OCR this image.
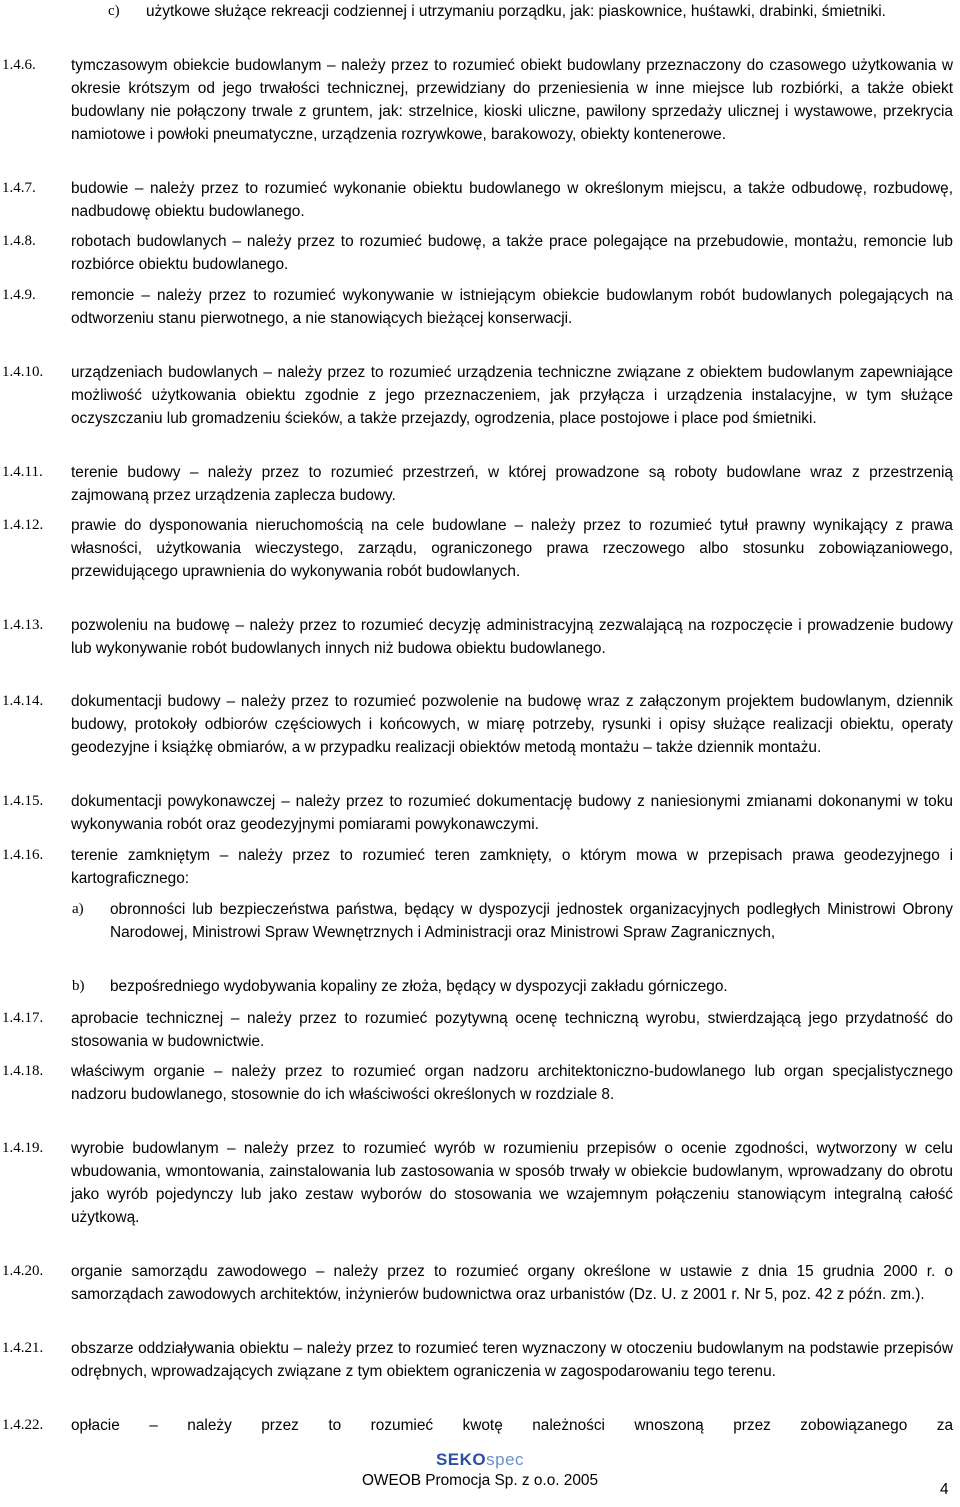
c) użytkowe służące rekreacji codziennej i utrzymaniu porządku, jak: piaskownice, huśtawki, drabinki, śmietniki.
1.4.6. tymczasowym obiekcie budowlanym – należy przez to rozumieć obiekt budowlany przeznaczony do czasowego użytkowania w okresie krótszym od jego trwałości technicznej, przewidziany do przeniesienia w inne miejsce lub rozbiórki, a także obiekt budowlany nie połączony trwale z gruntem, jak: strzelnice, kioski uliczne, pawilony sprzedaży ulicznej i wystawowe, przekrycia namiotowe i powłoki pneumatyczne, urządzenia rozrywkowe, barakowozy, obiekty kontenerowe.
1.4.7. budowie – należy przez to rozumieć wykonanie obiektu budowlanego w określonym miejscu, a także odbudowę, rozbudowę, nadbudowę obiektu budowlanego.
1.4.8. robotach budowlanych – należy przez to rozumieć budowę, a także prace polegające na przebudowie, montażu, remoncie lub rozbiórce obiektu budowlanego.
1.4.9. remoncie – należy przez to rozumieć wykonywanie w istniejącym obiekcie budowlanym robót budowlanych polegających na odtworzeniu stanu pierwotnego, a nie stanowiących bieżącej konserwacji.
1.4.10. urządzeniach budowlanych – należy przez to rozumieć urządzenia techniczne związane z obiektem budowlanym zapewniające możliwość użytkowania obiektu zgodnie z jego przeznaczeniem, jak przyłącza i urządzenia instalacyjne, w tym służące oczyszczaniu lub gromadzeniu ścieków, a także przejazdy, ogrodzenia, place postojowe i place pod śmietniki.
1.4.11. terenie budowy – należy przez to rozumieć przestrzeń, w której prowadzone są roboty budowlane wraz z przestrzenią zajmowaną przez urządzenia zaplecza budowy.
1.4.12. prawie do dysponowania nieruchomością na cele budowlane – należy przez to rozumieć tytuł prawny wynikający z prawa własności, użytkowania wieczystego, zarządu, ograniczonego prawa rzeczowego albo stosunku zobowiązaniowego, przewidującego uprawnienia do wykonywania robót budowlanych.
1.4.13. pozwoleniu na budowę – należy przez to rozumieć decyzję administracyjną zezwalającą na rozpoczęcie i prowadzenie budowy lub wykonywanie robót budowlanych innych niż budowa obiektu budowlanego.
1.4.14. dokumentacji budowy – należy przez to rozumieć pozwolenie na budowę wraz z załączonym projektem budowlanym, dziennik budowy, protokoły odbiorów częściowych i końcowych, w miarę potrzeby, rysunki i opisy służące realizacji obiektu, operaty geodezyjne i książkę obmiarów, a w przypadku realizacji obiektów metodą montażu – także dziennik montażu.
1.4.15. dokumentacji powykonawczej – należy przez to rozumieć dokumentację budowy z naniesionymi zmianami dokonanymi w toku wykonywania robót oraz geodezyjnymi pomiarami powykonawczymi.
1.4.16. terenie zamkniętym – należy przez to rozumieć teren zamknięty, o którym mowa w przepisach prawa geodezyjnego i kartograficznego:
a) obronności lub bezpieczeństwa państwa, będący w dyspozycji jednostek organizacyjnych podległych Ministrowi Obrony Narodowej, Ministrowi Spraw Wewnętrznych i Administracji oraz Ministrowi Spraw Zagranicznych,
b) bezpośredniego wydobywania kopaliny ze złoża, będący w dyspozycji zakładu górniczego.
1.4.17. aprobacie technicznej – należy przez to rozumieć pozytywną ocenę techniczną wyrobu, stwierdzającą jego przydatność do stosowania w budownictwie.
1.4.18. właściwym organie – należy przez to rozumieć organ nadzoru architektoniczno-budowlanego lub organ specjalistycznego nadzoru budowlanego, stosownie do ich właściwości określonych w rozdziale 8.
1.4.19. wyrobie budowlanym – należy przez to rozumieć wyrób w rozumieniu przepisów o ocenie zgodności, wytworzony w celu wbudowania, wmontowania, zainstalowania lub zastosowania w sposób trwały w obiekcie budowlanym, wprowadzany do obrotu jako wyrób pojedynczy lub jako zestaw wyborów do stosowania we wzajemnym połączeniu stanowiącym integralną całość użytkową.
1.4.20. organie samorządu zawodowego – należy przez to rozumieć organy określone w ustawie z dnia 15 grudnia 2000 r. o samorządach zawodowych architektów, inżynierów budownictwa oraz urbanistów (Dz. U. z 2001 r. Nr 5, poz. 42 z późn. zm.).
1.4.21. obszarze oddziaływania obiektu – należy przez to rozumieć teren wyznaczony w otoczeniu budowlanym na podstawie przepisów odrębnych, wprowadzających związane z tym obiektem ograniczenia w zagospodarowaniu tego terenu.
1.4.22. opłacie – należy przez to rozumieć kwotę należności wnoszoną przez zobowiązanego za
SEKOspec
OWEOB Promocja Sp. z o.o. 2005
4
